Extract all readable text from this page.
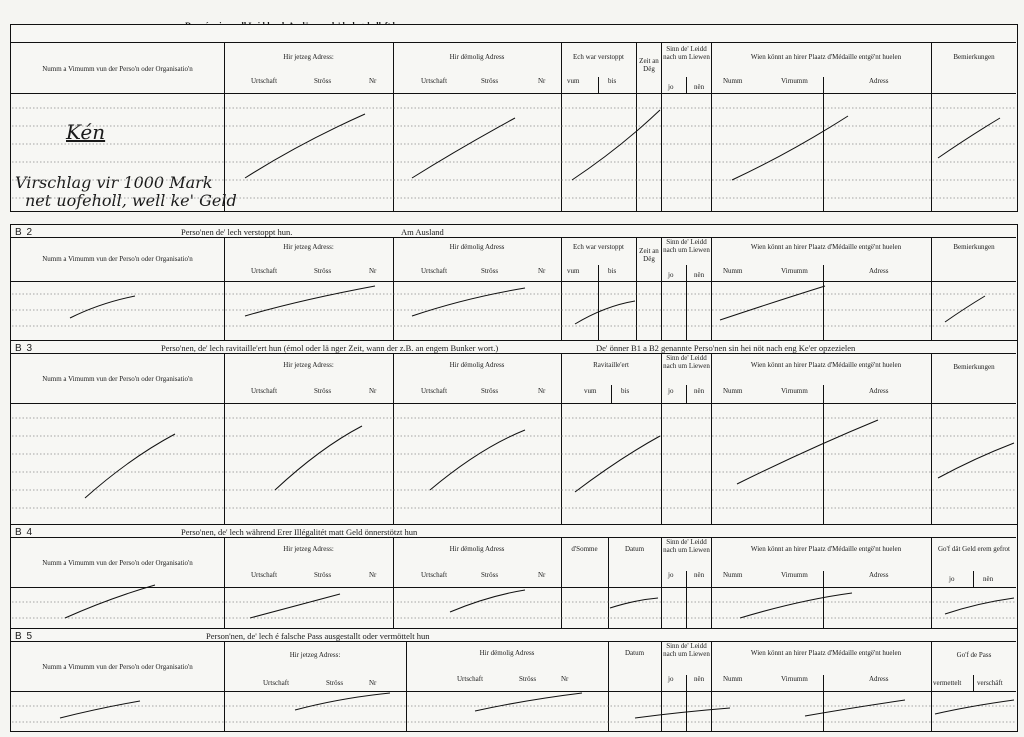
Numm a Vimumm vun der Perso'n oder Organisatio'n
Hir jetzeg Adress:
Urtschaft	Ströss	Nr
Hir dëmolig Adress
Urtschaft	Ströss	Nr
Ech war verstoppt
vum	bis
Zeit an Dëg
Sinn de' Leidd nach um Liewen
jo	nën
Wien könnt an hirer Plaatz d'Médaille entgë'nt huelen
Numm	Virnumm	Adress
Bemierkungen
Kén
Virschlag vir 1000 Mark
net uofeholl, well ke' Geld
B 2	Perso'nen de' lech verstoppt hun.	Am Ausland
Numm a Vimumm vun der Perso'n oder Organisatio'n
Hir jetzeg Adress:
Urtschaft	Ströss	Nr
Hir dëmolig Adress
Urtschaft	Ströss	Nr
Ech war verstoppt
vum	bis
Zeit an Dëg
Sinn de' Leidd nach um Liewen
jo	nën
Wien könnt an hirer Plaatz d'Médaille entgë'nt huelen
Numm	Virnumm	Adress
Bemierkungen
B 3	Perso'nen, de' lech ravitaille'ert hun (émol oder lä nger Zeit, wann der z.B. an engem Bunker wort.)	De' önner B1 a B2 genannte Perso'nen sin hei nöt nach eng Ke'er opzezielen
Numm a Vimumm vun der Perso'n oder Organisatio'n
Hir jetzeg Adress:
Urtschaft	Ströss	Nr
Hir dëmolig Adress
Urtschaft	Ströss	Nr
Ravitaille'ert
vum	bis
Sinn de' Leidd nach um Liewen
jo	nën
Wien könnt an hirer Plaatz d'Médaille entgë'nt huelen
Numm	Virnumm	Adress
Bemierkungen
B 4	Perso'nen, de' lech während Erer Illégalitét matt Geld önnerstötzt hun
Numm a Vimumm vun der Perso'n oder Organisatio'n
Hir jetzeg Adress:
Urtschaft	Ströss	Nr
Hir dëmolig Adress
Urtschaft	Ströss	Nr
d'Somme	Datum
Sinn de' Leidd nach um Liewen
jo	nën
Wien könnt an hirer Plaatz d'Médaille entgë'nt huelen
Numm	Virnumm	Adress
Go'f dät Geld erem gefrot
jo	nën
B 5	Person'nen, de' lech é falsche Pass ausgestallt oder vermöttelt hun
Numm a Vimumm vun der Perso'n oder Organisatio'n
Hir jetzeg Adress:
Urtschaft	Ströss	Nr
Hir dëmolig Adress
Urtschaft	Ströss	Nr
Datum
Sinn de' Leidd nach um Liewen
jo	nën
Wien könnt an hirer Plaatz d'Médaille entgë'nt huelen
Numm	Virnumm	Adress
Go'f de Pass
vermettelt verschäft
